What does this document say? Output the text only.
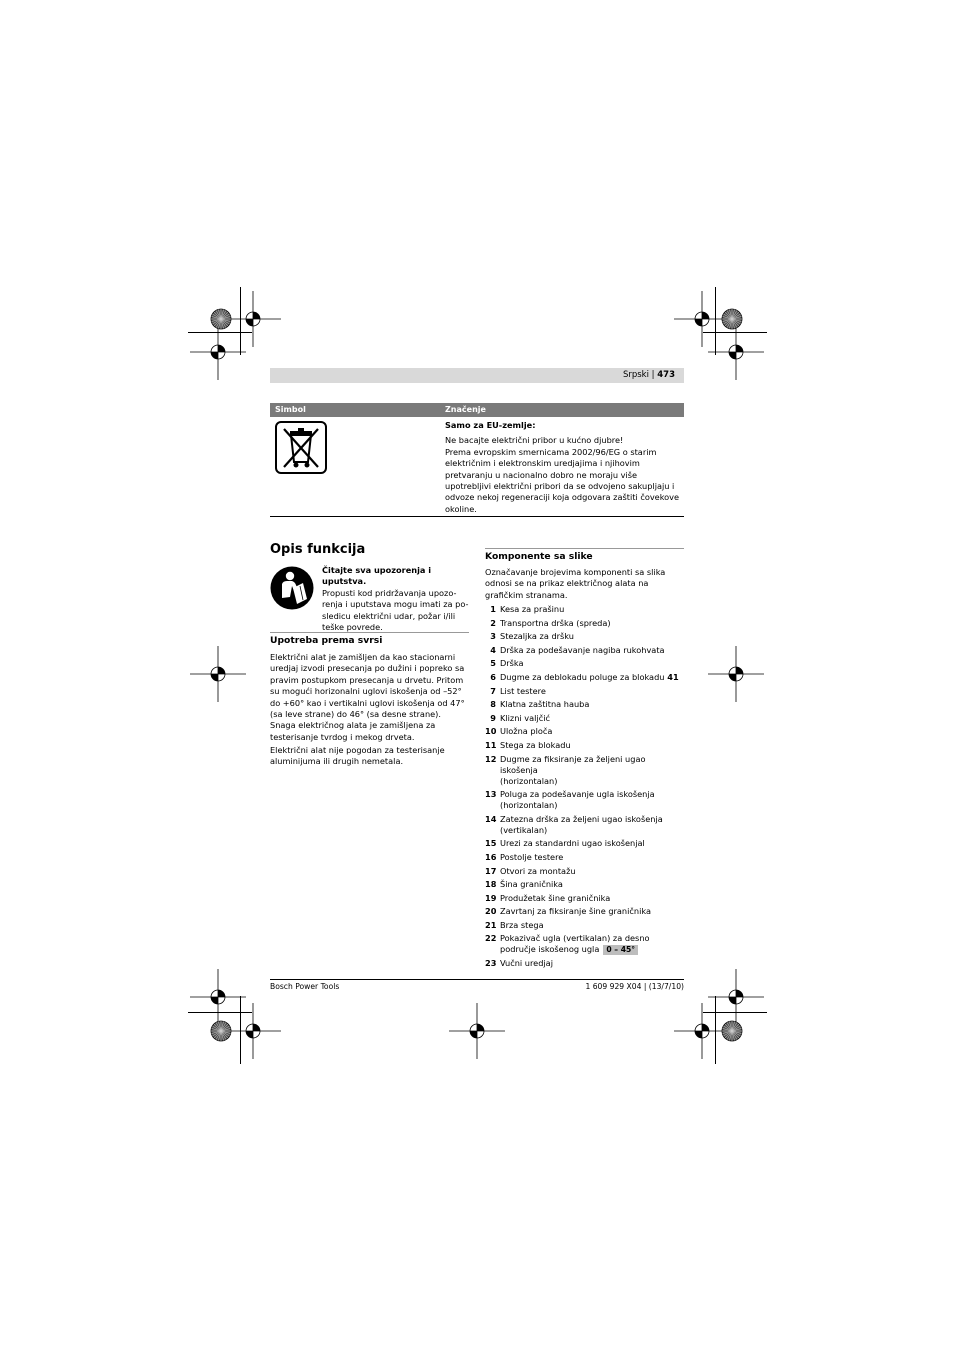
Srpski | 473
Simbol	Značenje
Samo za EU-zemlje:
Ne bacajte električni pribor u kućno djubre!
Prema evropskim smernicama 2002/96/EG o starim
električnim i elektronskim uredjajima i njihovim
pretvaranju u nacionalno dobro ne moraju više
upotrebljivi električni pribori da se odvojeno sakupljaju i
odvoze nekoj regeneraciji koja odgovara zaštiti čovekove
okoline.
Opis funkcija
Čitajte sva upozorenja i uputstva.
Propusti kod pridržavanja upozo-
renja i uputstava mogu imati za po-
sledicu električni udar, požar i/ili
teške povrede.
Upotreba prema svrsi
Električni alat je zamišljen da kao stacionarni
uredjaj izvodi presecanja po dužini i popreko sa
pravim postupkom presecanja u drvetu. Pritom
su mogući horizonalni uglovi iskošenja od –52°
do +60° kao i vertikalni uglovi iskošenja od 47°
(sa leve strane) do 46° (sa desne strane).
Snaga električnog alata je zamišljena za
testerisanje tvrdog i mekog drveta.
Električni alat nije pogodan za testerisanje
aluminijuma ili drugih nemetala.
Komponente sa slike
Označavanje brojevima komponenti sa slika
odnosi se na prikaz električnog alata na
grafičkim stranama.
1 Kesa za prašinu
2 Transportna drška (spreda)
3 Stezaljka za dršku
4 Drška za podešavanje nagiba rukohvata
5 Drška
6 Dugme za deblokadu poluge za blokadu 41
7 List testere
8 Klatna zaštitna hauba
9 Klizni valjčić
10 Uložna ploča
11 Stega za blokadu
12 Dugme za fiksiranje za željeni ugao iskošenja
(horizontalan)
13 Poluga za podešavanje ugla iskošenja
(horizontalan)
14 Zatezna drška za željeni ugao iskošenja
(vertikalan)
15 Urezi za standardni ugao iskošenjal
16 Postolje testere
17 Otvori za montažu
18 Šina graničnika
19 Produžetak šine graničnika
20 Zavrtanj za fiksiranje šine graničnika
21 Brza stega
22 Pokazivač ugla (vertikalan) za desno
područje iskošenog ugla 0 – 45°
23 Vučni uredjaj
Bosch Power Tools	1 609 929 X04 | (13/7/10)
